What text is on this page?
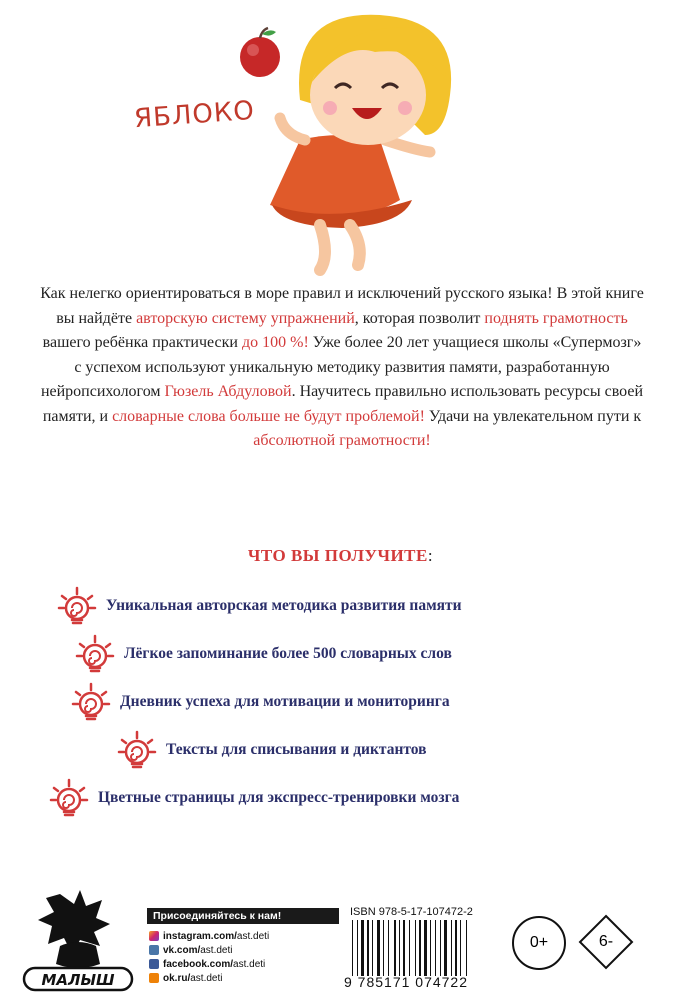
ЯБЛОКО
Как нелегко ориентироваться в море правил и исключений русского языка! В этой книге вы найдёте авторскую систему упражнений, которая позволит поднять грамотность вашего ребёнка практически до 100 %! Уже более 20 лет учащиеся школы «Супермозг» с успехом используют уникальную методику развития памяти, разработанную нейропсихологом Гюзель Абдуловой. Научитесь правильно использовать ресурсы своей памяти, и словарные слова больше не будут проблемой! Удачи на увлекательном пути к абсолютной грамотности!
ЧТО ВЫ ПОЛУЧИТЕ:
Уникальная авторская методика развития памяти
Лёгкое запоминание более 500 словарных слов
Дневник успеха для мотивации и мониторинга
Тексты для списывания и диктантов
Цветные страницы для экспресс-тренировки мозга
МАЛЫШ
Присоединяйтесь к нам!
instagram.com/ ast.deti
vk.com/ ast.deti
facebook.com/ ast.deti
ok.ru/ ast.deti
ISBN 978-5-17-107472-2
9 785171 074722
0+	6-
